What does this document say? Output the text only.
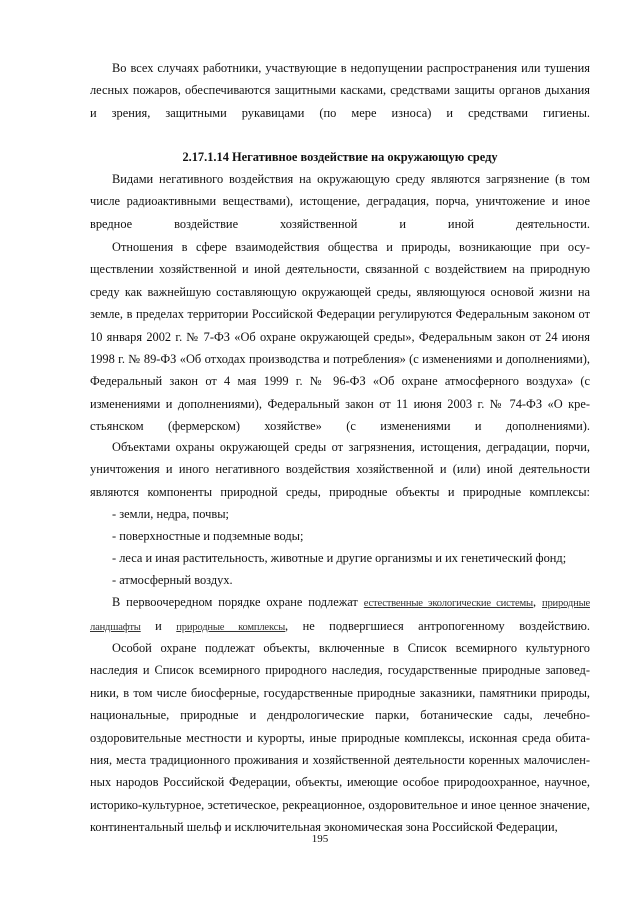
Во всех случаях работники, участвующие в недопущении распространения или тушения лесных пожаров, обеспечиваются защитными касками, средствами защиты органов дыхания и зрения, защитными рукавицами (по мере износа) и средствами гигиены.

2.17.1.14 Негативное воздействие на окружающую среду

Видами негативного воздействия на окружающую среду являются загрязнение (в том числе радиоактивными веществами), истощение, деградация, порча, уничтожение и иное вредное воздействие хозяйственной и иной деятельности.

Отношения в сфере взаимодействия общества и природы, возникающие при осуществлении хозяйственной и иной деятельности, связанной с воздействием на природную среду как важнейшую составляющую окружающей среды, являющуюся основой жизни на земле, в пределах территории Российской Федерации регулируются Федеральным законом от 10 января 2002 г. № 7-ФЗ «Об охране окружающей среды», Федеральным закон от 24 июня 1998 г. № 89-ФЗ «Об отходах производства и потребления» (с изменениями и дополнениями), Федеральный закон от 4 мая 1999 г. № 96-ФЗ «Об охране атмосферного воздуха» (с изменениями и дополнениями), Федеральный закон от 11 июня 2003 г. № 74-ФЗ «О крестьянском (фермерском) хозяйстве» (с изменениями и дополнениями).

Объектами охраны окружающей среды от загрязнения, истощения, деградации, порчи, уничтожения и иного негативного воздействия хозяйственной и (или) иной деятельности являются компоненты природной среды, природные объекты и природные комплексы:

- земли, недра, почвы;
- поверхностные и подземные воды;
- леса и иная растительность, животные и другие организмы и их генетический фонд;
- атмосферный воздух.

В первоочередном порядке охране подлежат естественные экологические системы, природные ландшафты и природные комплексы, не подвергшиеся антропогенному воздействию.

Особой охране подлежат объекты, включенные в Список всемирного культурного наследия и Список всемирного природного наследия, государственные природные заповедники, в том числе биосферные, государственные природные заказники, памятники природы, национальные, природные и дендрологические парки, ботанические сады, лечебно-оздоровительные местности и курорты, иные природные комплексы, исконная среда обитания, места традиционного проживания и хозяйственной деятельности коренных малочисленных народов Российской Федерации, объекты, имеющие особое природоохранное, научное, историко-культурное, эстетическое, рекреационное, оздоровительное и иное ценное значение, континентальный шельф и исключительная экономическая зона Российской Федерации,

195
